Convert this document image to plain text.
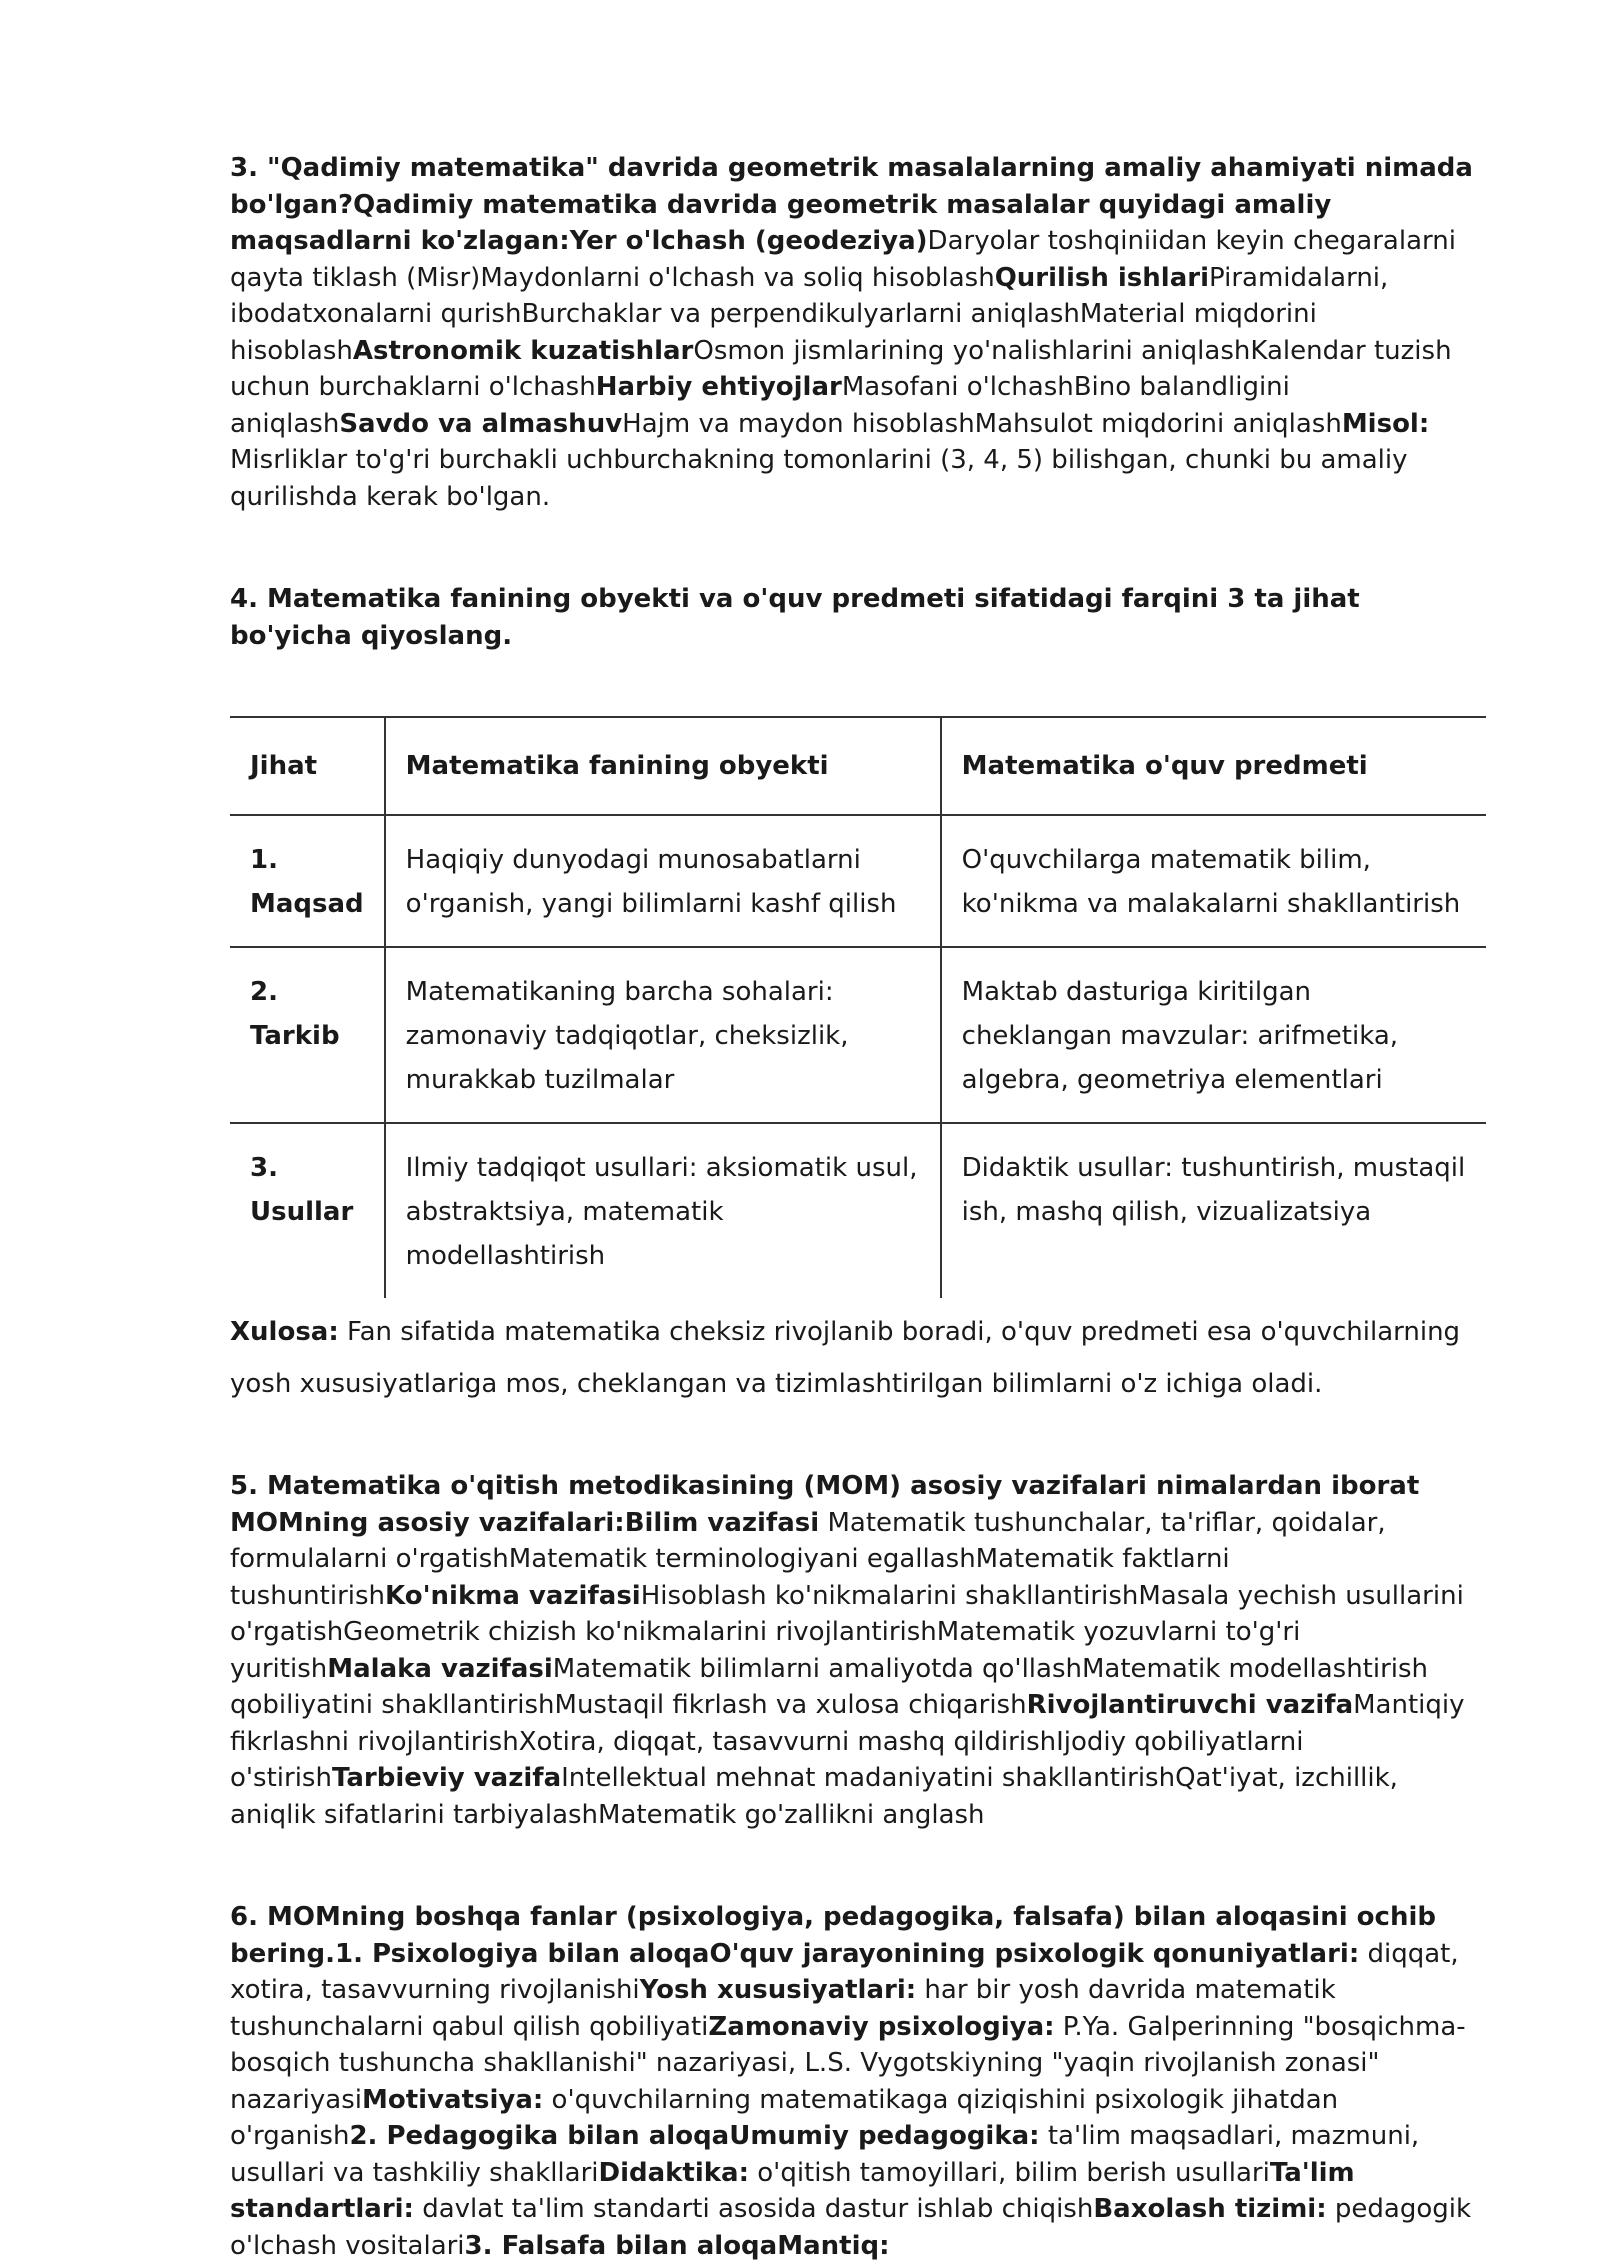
3. "Qadimiy matematika" davrida geometrik masalalarning amaliy ahamiyati nimada bo'lgan?Qadimiy matematika davrida geometrik masalalar quyidagi amaliy maqsadlarni ko'zlagan:Yer o'lchash (geodeziya)Daryolar toshqiniidan keyin chegaralarni qayta tiklash (Misr)Maydonlarni o'lchash va soliq hisoblashQurilish ishlariPiramidalarni, ibodatxonalarni qurishBurchaklar va perpendikulyarlarni aniqlashMaterial miqdorini hisoblashAstronomik kuzatishlarOsmon jismlarining yo'nalishlarini aniqlashKalendar tuzish uchun burchaklarni o'lchashHarbiy ehtiyojlarMasofani o'lchashBino balandligini aniqlashSavdo va almashuvHajm va maydon hisoblashMahsulot miqdorini aniqlashMisol: Misrliklar to'g'ri burchakli uchburchakning tomonlarini (3, 4, 5) bilishgan, chunki bu amaliy qurilishda kerak bo'lgan.

4. Matematika fanining obyekti va o'quv predmeti sifatidagi farqini 3 ta jihat bo'yicha qiyoslang.

Jihat	Matematika fanining obyekti	Matematika o'quv predmeti
1. Maqsad	Haqiqiy dunyodagi munosabatlarni o'rganish, yangi bilimlarni kashf qilish	O'quvchilarga matematik bilim, ko'nikma va malakalarni shakllantirish
2. Tarkib	Matematikaning barcha sohalari: zamonaviy tadqiqotlar, cheksizlik, murakkab tuzilmalar	Maktab dasturiga kiritilgan cheklangan mavzular: arifmetika, algebra, geometriya elementlari
3. Usullar	Ilmiy tadqiqot usullari: aksiomatik usul, abstraktsiya, matematik modellashtirish	Didaktik usullar: tushuntirish, mustaqil ish, mashq qilish, vizualizatsiya

Xulosa: Fan sifatida matematika cheksiz rivojlanib boradi, o'quv predmeti esa o'quvchilarning yosh xususiyatlariga mos, cheklangan va tizimlashtirilgan bilimlarni o'z ichiga oladi.

5. Matematika o'qitish metodikasining (MOM) asosiy vazifalari nimalardan iborat MOMning asosiy vazifalari:Bilim vazifasi Matematik tushunchalar, ta'riflar, qoidalar, formulalarni o'rgatishMatematik terminologiyani egallashMatematik faktlarni tushuntirishKo'nikma vazifasiHisoblash ko'nikmalarini shakllantirishMasala yechish usullarini o'rgatishGeometrik chizish ko'nikmalarini rivojlantirishMatematik yozuvlarni to'g'ri yuritishMalaka vazifasiMatematik bilimlarni amaliyotda qo'llashMatematik modellashtirish qobiliyatini shakllantirishMustaqil fikrlash va xulosa chiqarishRivojlantiruvchi vazifaMantiqiy fikrlashni rivojlantirishXotira, diqqat, tasavvurni mashq qildirishIjodiy qobiliyatlarni o'stirishTarbieviy vazifaIntellektual mehnat madaniyatini shakllantirishQat'iyat, izchillik, aniqlik sifatlarini tarbiyalashMatematik go'zallikni anglash

6. MOMning boshqa fanlar (psixologiya, pedagogika, falsafa) bilan aloqasini ochib bering.1. Psixologiya bilan aloqaO'quv jarayonining psixologik qonuniyatlari: diqqat, xotira, tasavvurning rivojlanishiYosh xususiyatlari: har bir yosh davrida matematik tushunchalarni qabul qilish qobiliyatiZamonaviy psixologiya: P.Ya. Galperinning "bosqichma-bosqich tushuncha shakllanishi" nazariyasi, L.S. Vygotskiyning "yaqin rivojlanish zonasi" nazariyasiMotivatsiya: o'quvchilarning matematikaga qiziqishini psixologik jihatdan o'rganish2. Pedagogika bilan aloqaUmumiy pedagogika: ta'lim maqsadlari, mazmuni, usullari va tashkiliy shakllariDidaktika: o'qitish tamoyillari, bilim berish usullariTa'lim standartlari: davlat ta'lim standarti asosida dastur ishlab chiqishBaxolash tizimi: pedagogik o'lchash vositalari3. Falsafa bilan aloqaMantiq:
